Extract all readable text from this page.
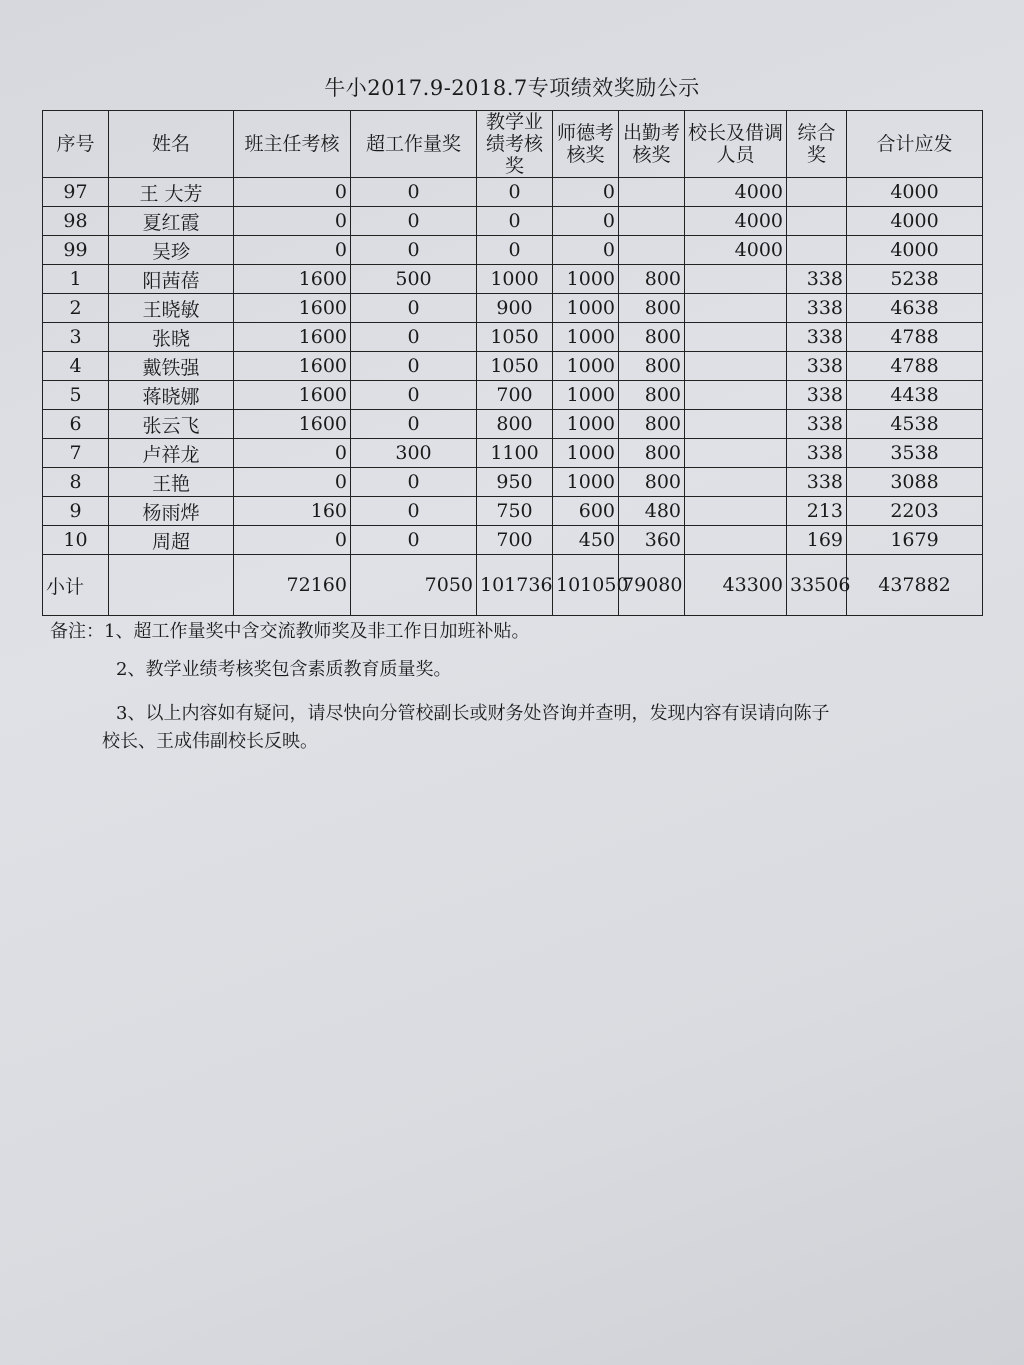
牛小2017.9-2018.7专项绩效奖励公示
序号	姓名	班主任考核	超工作量奖	教学业绩考核奖	师德考核奖	出勤考核奖	校长及借调人员	综合奖	合计应发
97	王 大芳	0	0	0	0		4000		4000
98	夏红霞	0	0	0	0		4000		4000
99	吴珍	0	0	0	0		4000		4000
1	阳茜蓓	1600	500	1000	1000	800		338	5238
2	王晓敏	1600	0	900	1000	800		338	4638
3	张晓	1600	0	1050	1000	800		338	4788
4	戴铁强	1600	0	1050	1000	800		338	4788
5	蒋晓娜	1600	0	700	1000	800		338	4438
6	张云飞	1600	0	800	1000	800		338	4538
7	卢祥龙	0	300	1100	1000	800		338	3538
8	王艳	0	0	950	1000	800		338	3088
9	杨雨烨	160	0	750	600	480		213	2203
10	周超	0	0	700	450	360		169	1679
小计		72160	7050	101736	101050	79080	43300	33506	437882

备注：1、超工作量奖中含交流教师奖及非工作日加班补贴。

2、教学业绩考核奖包含素质教育质量奖。

3、以上内容如有疑问，请尽快向分管校副长或财务处咨询并查明，发现内容有误请向陈子

校长、王成伟副校长反映。
